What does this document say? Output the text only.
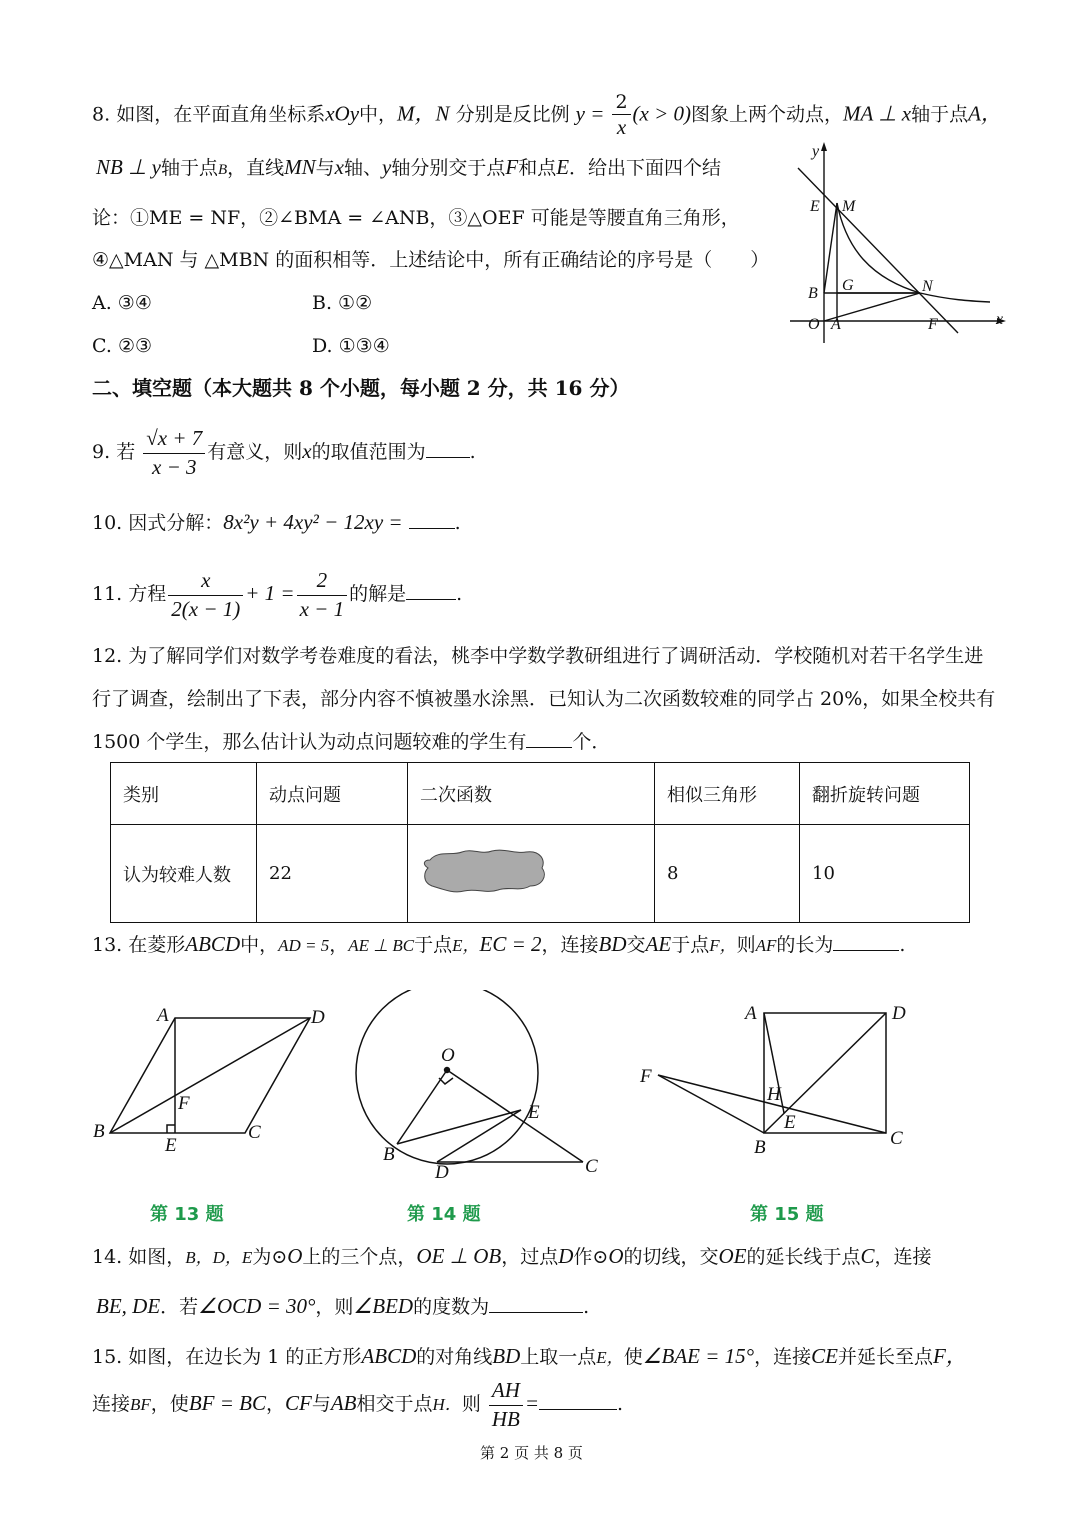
8. 如图，在平面直角坐标系xOy中，M，N 分别是反比例 $y = \frac{2}{x} (x > 0)$图象上两个动点，MA ⊥ x轴于点A，
NB ⊥ y轴于点B，直线MN与x轴、y轴分别交于点F和点E．给出下面四个结
论：①ME = NF，②∠BMA = ∠ANB，③△OEF 可能是等腰直角三角形，
④△MAN 与 △MBN 的面积相等．上述结论中，所有正确结论的序号是（　　）
A. ③④	B. ①②
C. ②③	D. ①③④
y
x
E M
G
B	N
O A	F
二、填空题（本大题共 8 个小题，每小题 2 分，共 16 分）
9. 若 $\frac{√x + 7}{x - 3}$ 有意义，则x的取值范围为 .
10. 因式分解：8x²y + 4xy² − 12xy =	.
11. 方程 $\frac{x}{2(x - 1)} + 1 = \frac{2}{x - 1}$ 的解是	.
12. 为了解同学们对数学考卷难度的看法，桃李中学数学教研组进行了调研活动．学校随机对若干名学生进
行了调查，绘制出了下表，部分内容不慎被墨水涂黑．已知认为二次函数较难的同学占 20%，如果全校共有
1500 个学生，那么估计认为动点问题较难的学生有 个．
类别	动点问题	二次函数	相似三角形	翻折旋转问题
认为较难人数	22		8	10
13. 在菱形ABCD中，AD = 5，AE ⊥ BC于点E，EC = 2，连接BD交AE于点F，则AF的长为	.
A	D
F
B
E
C
O
E
B
D	C
A	D
F
H
E
B	C
第 13 题	第 14 题	第 15 题
14. 如图，B，D，E为⊙O上的三个点，OE ⊥ OB，过点D作⊙O的切线，交OE的延长线于点C，连接
BE, DE．若∠OCD = 30°，则∠BED的度数为	.
15. 如图，在边长为 1 的正方形ABCD的对角线BD上取一点E，使∠BAE = 15°，连接CE并延长至点F，
连接BF，使BF = BC，CF与AB相交于点H．则 $\frac{AH}{HB}$ =	.
第 2 页 共 8 页
